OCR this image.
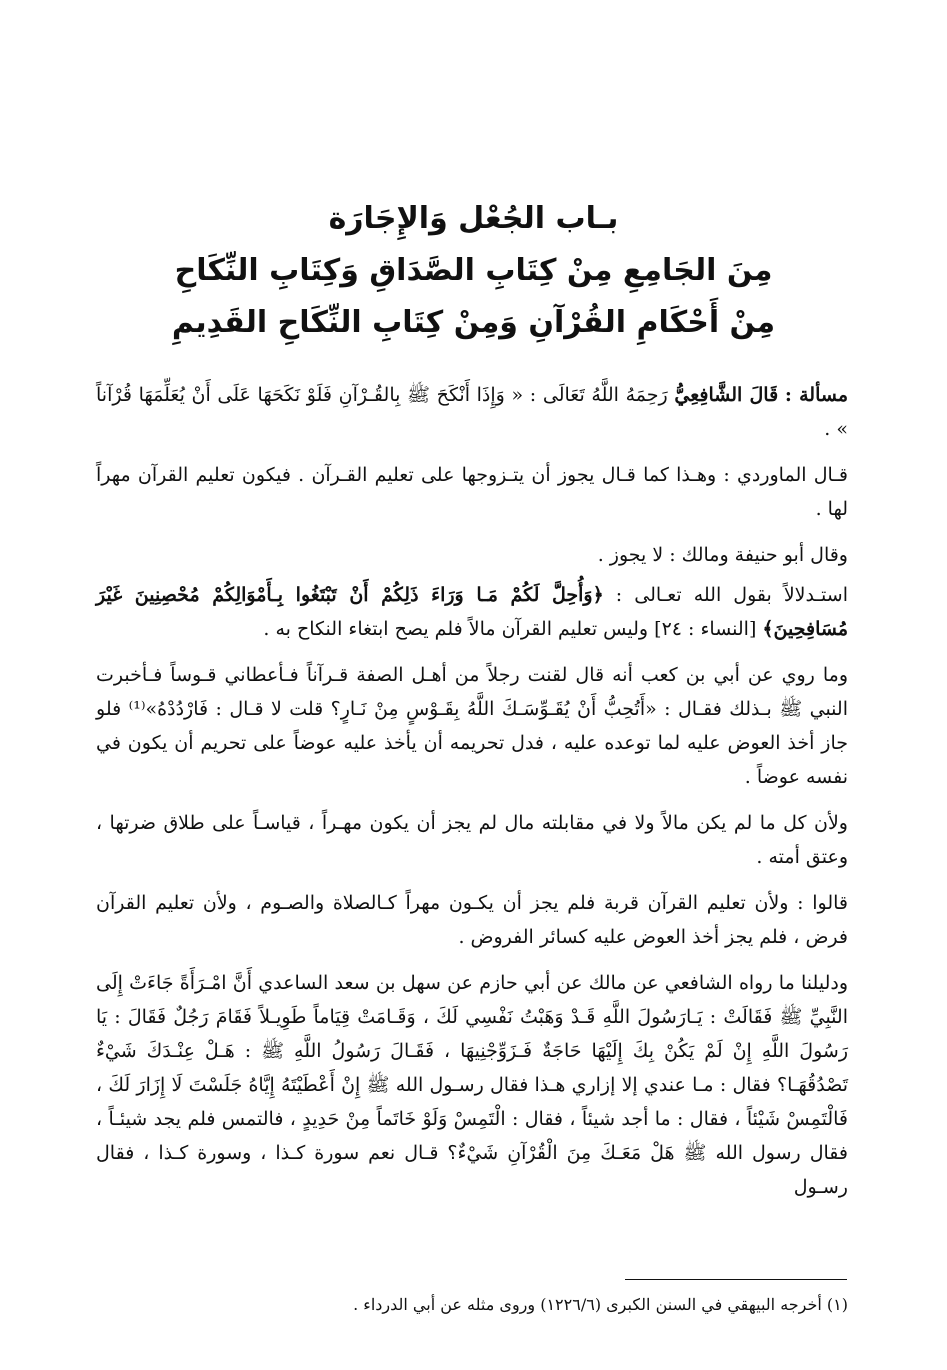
بـاب الجُعْل وَالإِجَارَة

مِنَ الجَامِعِ مِنْ كِتَابِ الصَّدَاقِ وَكِتَابِ النِّكَاحِ

مِنْ أَحْكَامِ القُرْآنِ وَمِنْ كِتَابِ النِّكَاحِ القَدِيمِ

مسألة : قَالَ الشَّافِعِيُّ رَحِمَهُ اللَّهُ تَعَالَى : « وَإِذَا أَنْكَحَ ﷺ بِالقُـرْآنِ فَلَوْ نَكَحَهَا عَلَى أَنْ يُعَلِّمَهَا قُرْآناً » .

قـال الماوردي : وهـذا كما قـال يجوز أن يتـزوجها على تعليم القـرآن . فيكون تعليم القرآن مهراً لها .

وقال أبو حنيفة ومالك : لا يجوز .

استـدلالاً بقول الله تعـالى : ﴿وَأُحِلَّ لَكُمْ مَـا وَرَاءَ ذَلِكُمْ أَنْ تَبْتَغُوا بِـأَمْوَالِكُمْ مُحْصِنِينَ غَيْرَ مُسَافِحِينَ﴾ [النساء : ٢٤] وليس تعليم القرآن مالاً فلم يصح ابتغاء النكاح به .

وما روي عن أبي بن كعب أنه قال لقنت رجلاً من أهـل الصفة قـرآناً فـأعطاني قـوساً فـأخبرت النبي ﷺ بـذلك فقـال : «أَتُحِبُّ أَنْ يُقَـوِّسَـكَ اللَّهُ بِقَـوْسٍ مِنْ نَـارٍ؟ قلت لا قـال : فَارْدُدْهُ»⁽¹⁾ فلو جاز أخذ العوض عليه لما توعده عليه ، فدل تحريمه أن يأخذ عليه عوضاً على تحريم أن يكون في نفسه عوضاً .

ولأن كل ما لم يكن مالاً ولا في مقابلته مال لم يجز أن يكون مهـراً ، قياسـاً على طلاق ضرتها ، وعتق أمته .

قالوا : ولأن تعليم القرآن قربة فلم يجز أن يكـون مهراً كـالصلاة والصـوم ، ولأن تعليم القرآن فرض ، فلم يجز أخذ العوض عليه كسائر الفروض .

ودليلنا ما رواه الشافعي عن مالك عن أبي حازم عن سهل بن سعد الساعدي أَنَّ امْـرَأَةً جَاءَتْ إِلَى النَّبِيِّ ﷺ فَقَالَتْ : يَـارَسُولَ اللَّهِ قَـدْ وَهَبْتُ نَفْسِي لَكَ ، وَقَـامَتْ قِيَاماً طَوِيـلاً فَقَامَ رَجُلٌ فَقَالَ : يَا رَسُولَ اللَّهِ إِنْ لَمْ يَكُنْ بِكَ إِلَيْهَا حَاجَةٌ فَـزَوِّجْنِيهَا ، فَقَـالَ رَسُولُ اللَّهِ ﷺ : هَـلْ عِنْـدَكَ شَيْءٌ تَصْدُقُهَـا؟ فقال : مـا عندي إلا إزاري هـذا فقال رسـول الله ﷺ إِنْ أَعْطَيْتَهُ إِيَّاهُ جَلَسْتَ لَا إِزَارَ لَكَ ، فَالْتَمِسْ شَيْئاً ، فقال : ما أجد شيئاً ، فقال : الْتَمِسْ وَلَوْ خَاتَماً مِنْ حَدِيدٍ ، فالتمس فلم يجد شيئـاً ، فقال رسول الله ﷺ هَلْ مَعَـكَ مِنَ الْقُرْآنِ شَيْءٌ؟ قـال نعم سورة كـذا ، وسورة كـذا ، فقال رسـول

(١) أخرجه البيهقي في السنن الكبرى (١٢٢٦/٦) وروى مثله عن أبي الدرداء .
